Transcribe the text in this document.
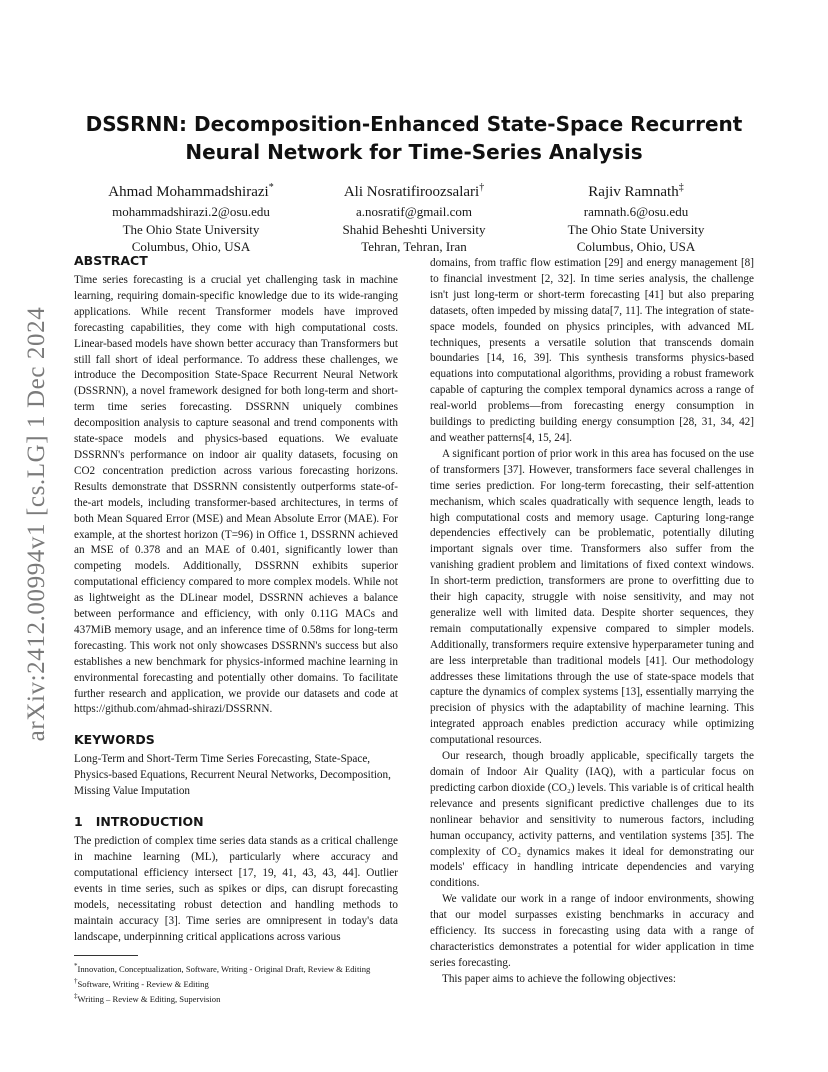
arXiv:2412.00994v1 [cs.LG] 1 Dec 2024
DSSRNN: Decomposition-Enhanced State-Space Recurrent
Neural Network for Time-Series Analysis
Ahmad Mohammadshirazi*
mohammadshirazi.2@osu.edu
The Ohio State University
Columbus, Ohio, USA
Ali Nosratifiroozsalari†
a.nosratif@gmail.com
Shahid Beheshti University
Tehran, Tehran, Iran
Rajiv Ramnath‡
ramnath.6@osu.edu
The Ohio State University
Columbus, Ohio, USA
ABSTRACT

Time series forecasting is a crucial yet challenging task in machine learning, requiring domain-specific knowledge due to its wide-ranging applications. While recent Transformer models have improved forecasting capabilities, they come with high computational costs. Linear-based models have shown better accuracy than Transformers but still fall short of ideal performance. To address these challenges, we introduce the Decomposition State-Space Recurrent Neural Network (DSSRNN), a novel framework designed for both long-term and short-term time series forecasting. DSSRNN uniquely combines decomposition analysis to capture seasonal and trend components with state-space models and physics-based equations. We evaluate DSSRNN's performance on indoor air quality datasets, focusing on CO2 concentration prediction across various forecasting horizons. Results demonstrate that DSSRNN consistently outperforms state-of-the-art models, including transformer-based architectures, in terms of both Mean Squared Error (MSE) and Mean Absolute Error (MAE). For example, at the shortest horizon (T=96) in Office 1, DSSRNN achieved an MSE of 0.378 and an MAE of 0.401, significantly lower than competing models. Additionally, DSSRNN exhibits superior computational efficiency compared to more complex models. While not as lightweight as the DLinear model, DSSRNN achieves a balance between performance and efficiency, with only 0.11G MACs and 437MiB memory usage, and an inference time of 0.58ms for long-term forecasting. This work not only showcases DSSRNN's success but also establishes a new benchmark for physics-informed machine learning in environmental forecasting and potentially other domains. To facilitate further research and application, we provide our datasets and code at https://github.com/ahmad-shirazi/DSSRNN.

KEYWORDS

Long-Term and Short-Term Time Series Forecasting, State-Space, Physics-based Equations, Recurrent Neural Networks, Decomposition, Missing Value Imputation

1   INTRODUCTION

The prediction of complex time series data stands as a critical challenge in machine learning (ML), particularly where accuracy and computational efficiency intersect [17, 19, 41, 43, 43, 44]. Outlier events in time series, such as spikes or dips, can disrupt forecasting models, necessitating robust detection and handling methods to maintain accuracy [3]. Time series are omnipresent in today's data landscape, underpinning critical applications across various

*Innovation, Conceptualization, Software, Writing - Original Draft, Review & Editing
†Software, Writing - Review & Editing
‡Writing – Review & Editing, Supervision

domains, from traffic flow estimation [29] and energy management [8] to financial investment [2, 32]. In time series analysis, the challenge isn't just long-term or short-term forecasting [41] but also preparing datasets, often impeded by missing data[7, 11]. The integration of state-space models, founded on physics principles, with advanced ML techniques, presents a versatile solution that transcends domain boundaries [14, 16, 39]. This synthesis transforms physics-based equations into computational algorithms, providing a robust framework capable of capturing the complex temporal dynamics across a range of real-world problems—from forecasting energy consumption in buildings to predicting building energy consumption [28, 31, 34, 42] and weather patterns[4, 15, 24].

A significant portion of prior work in this area has focused on the use of transformers [37]. However, transformers face several challenges in time series prediction. For long-term forecasting, their self-attention mechanism, which scales quadratically with sequence length, leads to high computational costs and memory usage. Capturing long-range dependencies effectively can be problematic, potentially diluting important signals over time. Transformers also suffer from the vanishing gradient problem and limitations of fixed context windows. In short-term prediction, transformers are prone to overfitting due to their high capacity, struggle with noise sensitivity, and may not generalize well with limited data. Despite shorter sequences, they remain computationally expensive compared to simpler models. Additionally, transformers require extensive hyperparameter tuning and are less interpretable than traditional models [41]. Our methodology addresses these limitations through the use of state-space models that capture the dynamics of complex systems [13], essentially marrying the precision of physics with the adaptability of machine learning. This integrated approach enables prediction accuracy while optimizing computational resources.

Our research, though broadly applicable, specifically targets the domain of Indoor Air Quality (IAQ), with a particular focus on predicting carbon dioxide (CO₂) levels. This variable is of critical health relevance and presents significant predictive challenges due to its nonlinear behavior and sensitivity to numerous factors, including human occupancy, activity patterns, and ventilation systems [35]. The complexity of CO₂ dynamics makes it ideal for demonstrating our models' efficacy in handling intricate dependencies and varying conditions.

We validate our work in a range of indoor environments, showing that our model surpasses existing benchmarks in accuracy and efficiency. Its success in forecasting using data with a range of characteristics demonstrates a potential for wider application in time series forecasting.

This paper aims to achieve the following objectives:
